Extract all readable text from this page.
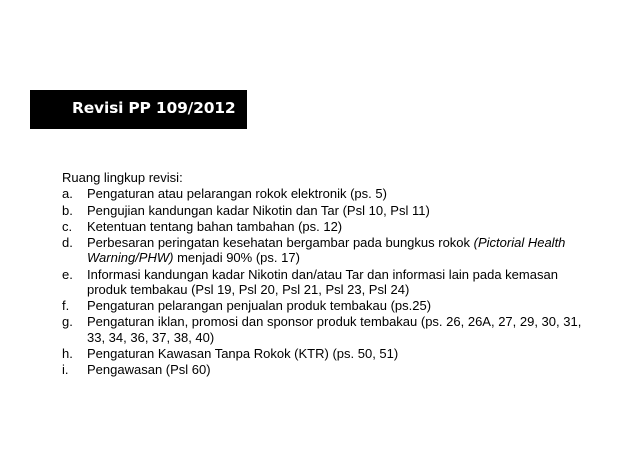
Revisi PP 109/2012
Ruang lingkup revisi:
a.	Pengaturan atau pelarangan rokok elektronik (ps. 5)
b.	Pengujian kandungan kadar Nikotin dan Tar (Psl 10, Psl 11)
c.	Ketentuan tentang bahan tambahan (ps. 12)
d.	Perbesaran peringatan kesehatan bergambar pada bungkus rokok (Pictorial Health Warning/PHW) menjadi 90% (ps. 17)
e.	Informasi kandungan kadar Nikotin dan/atau Tar dan informasi lain pada kemasan produk tembakau (Psl 19, Psl 20, Psl 21, Psl 23, Psl 24)
f.	Pengaturan pelarangan penjualan produk tembakau (ps.25)
g.	Pengaturan iklan, promosi dan sponsor produk tembakau (ps. 26, 26A, 27, 29, 30, 31, 33, 34, 36, 37, 38, 40)
h.	Pengaturan Kawasan Tanpa Rokok (KTR) (ps. 50, 51)
i.	Pengawasan (Psl 60)
